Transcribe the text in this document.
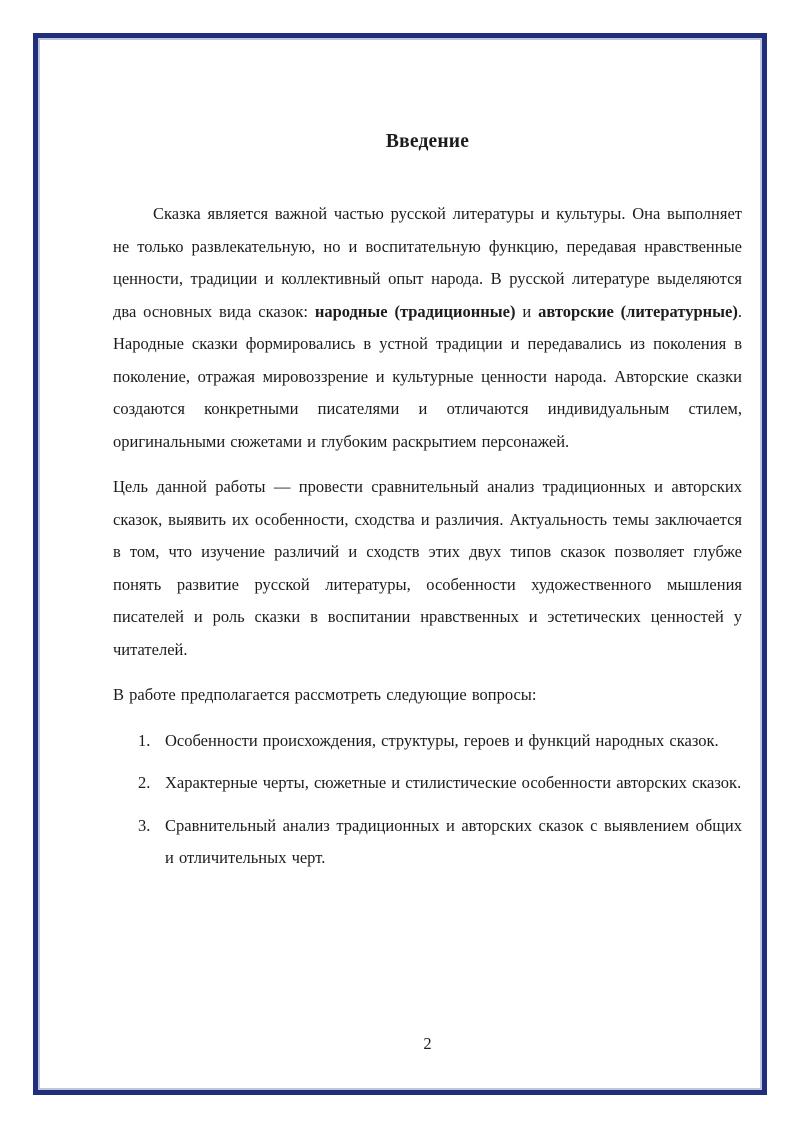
Введение

Сказка является важной частью русской литературы и культуры. Она выполняет не только развлекательную, но и воспитательную функцию, передавая нравственные ценности, традиции и коллективный опыт народа. В русской литературе выделяются два основных вида сказок: народные (традиционные) и авторские (литературные). Народные сказки формировались в устной традиции и передавались из поколения в поколение, отражая мировоззрение и культурные ценности народа. Авторские сказки создаются конкретными писателями и отличаются индивидуальным стилем, оригинальными сюжетами и глубоким раскрытием персонажей.

Цель данной работы — провести сравнительный анализ традиционных и авторских сказок, выявить их особенности, сходства и различия. Актуальность темы заключается в том, что изучение различий и сходств этих двух типов сказок позволяет глубже понять развитие русской литературы, особенности художественного мышления писателей и роль сказки в воспитании нравственных и эстетических ценностей у читателей.

В работе предполагается рассмотреть следующие вопросы:

1. Особенности происхождения, структуры, героев и функций народных сказок.
2. Характерные черты, сюжетные и стилистические особенности авторских сказок.
3. Сравнительный анализ традиционных и авторских сказок с выявлением общих и отличительных черт.
2
